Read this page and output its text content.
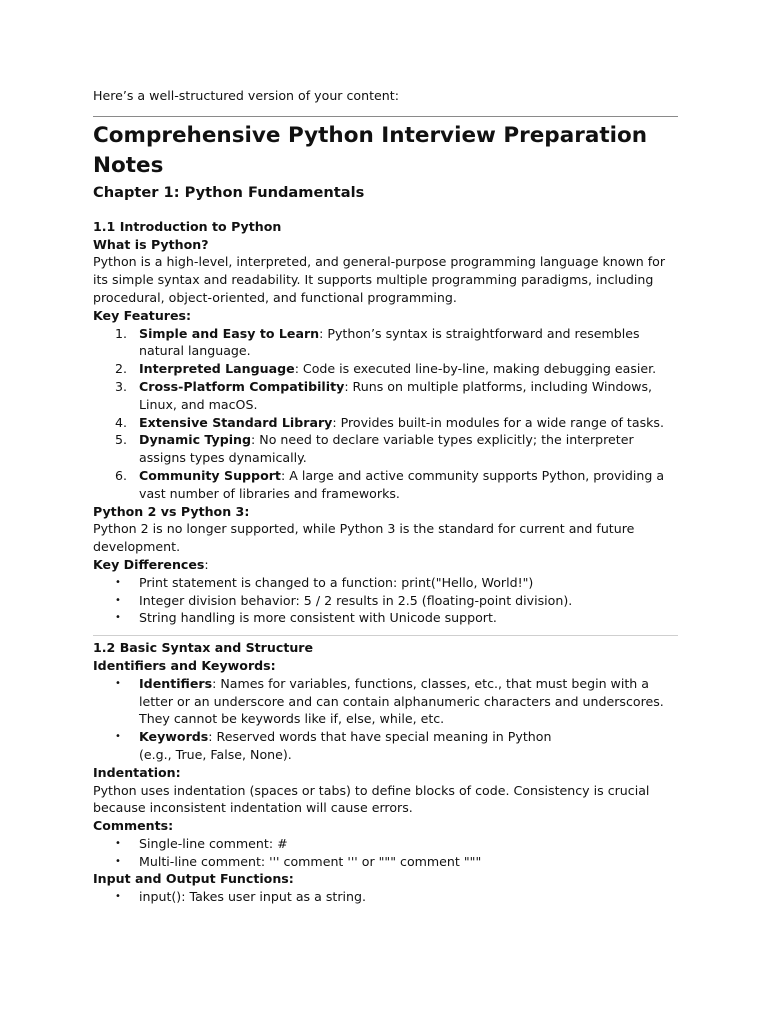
Here’s a well-structured version of your content:

Comprehensive Python Interview Preparation Notes
Chapter 1: Python Fundamentals

1.1 Introduction to Python

What is Python?

Python is a high-level, interpreted, and general-purpose programming language known for its simple syntax and readability. It supports multiple programming paradigms, including procedural, object-oriented, and functional programming.

Key Features:

1. Simple and Easy to Learn: Python’s syntax is straightforward and resembles natural language.
2. Interpreted Language: Code is executed line-by-line, making debugging easier.
3. Cross-Platform Compatibility: Runs on multiple platforms, including Windows, Linux, and macOS.
4. Extensive Standard Library: Provides built-in modules for a wide range of tasks.
5. Dynamic Typing: No need to declare variable types explicitly; the interpreter assigns types dynamically.
6. Community Support: A large and active community supports Python, providing a vast number of libraries and frameworks.

Python 2 vs Python 3:

Python 2 is no longer supported, while Python 3 is the standard for current and future development.

Key Differences:

• Print statement is changed to a function: print("Hello, World!")
• Integer division behavior: 5 / 2 results in 2.5 (floating-point division).
• String handling is more consistent with Unicode support.

1.2 Basic Syntax and Structure

Identifiers and Keywords:

• Identifiers: Names for variables, functions, classes, etc., that must begin with a letter or an underscore and can contain alphanumeric characters and underscores. They cannot be keywords like if, else, while, etc.
• Keywords: Reserved words that have special meaning in Python
(e.g., True, False, None).

Indentation:

Python uses indentation (spaces or tabs) to define blocks of code. Consistency is crucial because inconsistent indentation will cause errors.

Comments:

• Single-line comment: #
• Multi-line comment: ''' comment ''' or """ comment """

Input and Output Functions:

• input(): Takes user input as a string.
